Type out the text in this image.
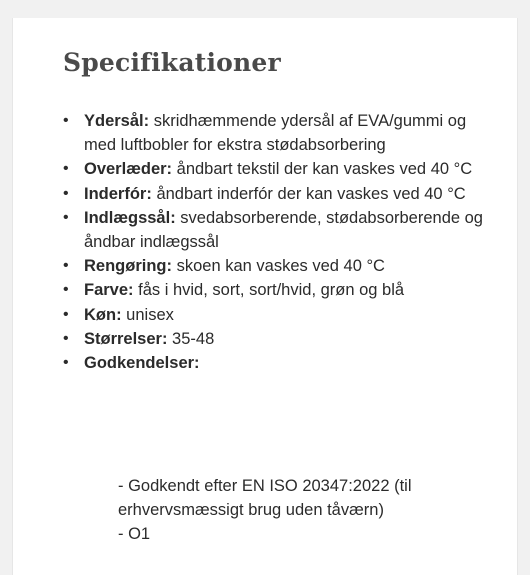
Specifikationer
• Ydersål: skridhæmmende ydersål af EVA/gummi og med luftbobler for ekstra stødabsorbering
• Overlæder: åndbart tekstil der kan vaskes ved 40 °C
• Inderfór: åndbart inderfór der kan vaskes ved 40 °C
• Indlægssål: svedabsorberende, stødabsorberende og åndbar indlægssål
• Rengøring: skoen kan vaskes ved 40 °C
• Farve: fås i hvid, sort, sort/hvid, grøn og blå
• Køn: unisex
• Størrelser: 35-48
• Godkendelser:
- Godkendt efter EN ISO 20347:2022 (til erhvervsmæssigt brug uden tåværn)
- O1
